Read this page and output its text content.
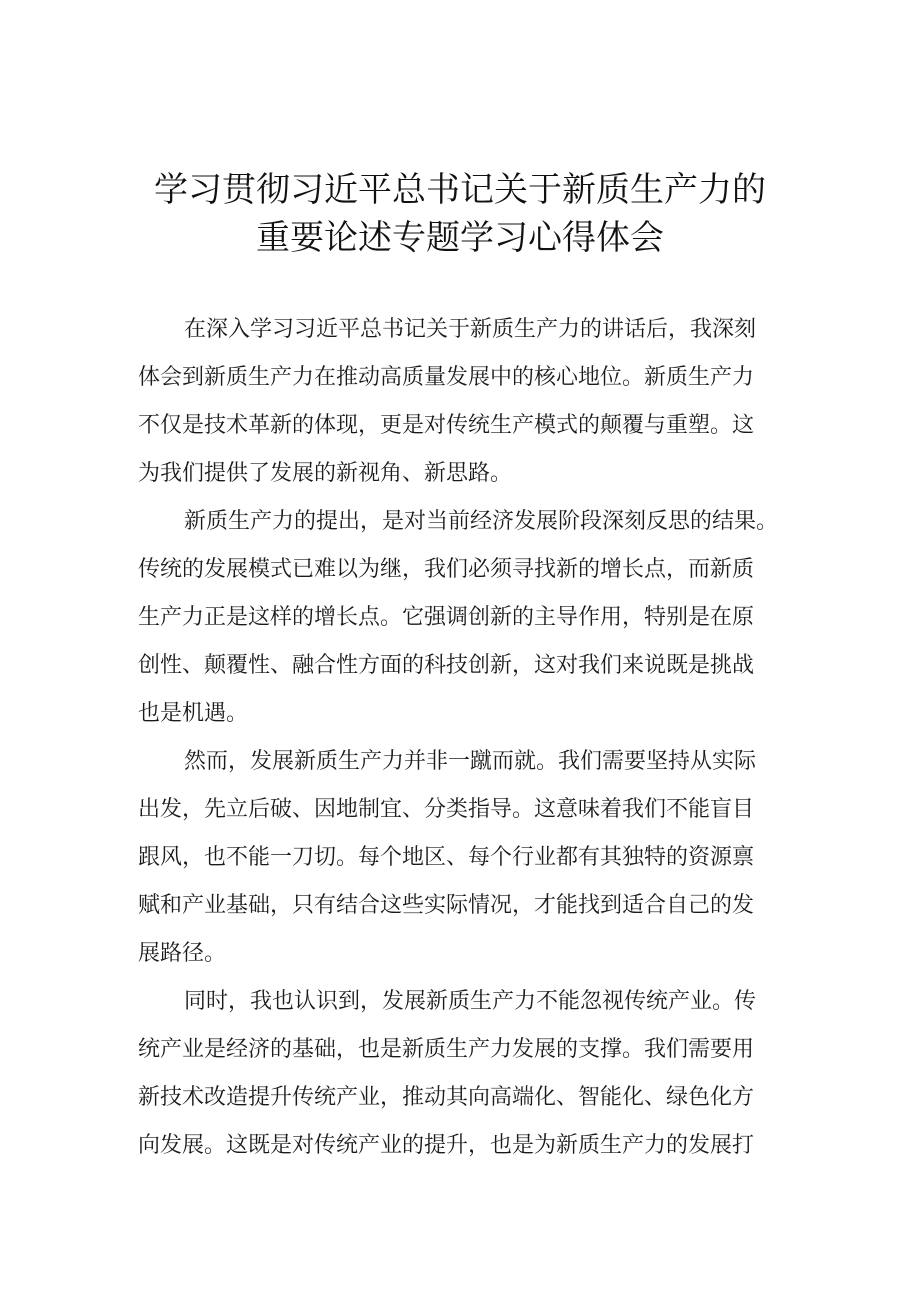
学习贯彻习近平总书记关于新质生产力的
重要论述专题学习心得体会
在深入学习习近平总书记关于新质生产力的讲话后，我深刻
体会到新质生产力在推动高质量发展中的核心地位。新质生产力
不仅是技术革新的体现，更是对传统生产模式的颠覆与重塑。这
为我们提供了发展的新视角、新思路。
新质生产力的提出，是对当前经济发展阶段深刻反思的结果。
传统的发展模式已难以为继，我们必须寻找新的增长点，而新质
生产力正是这样的增长点。它强调创新的主导作用，特别是在原
创性、颠覆性、融合性方面的科技创新，这对我们来说既是挑战
也是机遇。
然而，发展新质生产力并非一蹴而就。我们需要坚持从实际
出发，先立后破、因地制宜、分类指导。这意味着我们不能盲目
跟风，也不能一刀切。每个地区、每个行业都有其独特的资源禀
赋和产业基础，只有结合这些实际情况，才能找到适合自己的发
展路径。
同时，我也认识到，发展新质生产力不能忽视传统产业。传
统产业是经济的基础，也是新质生产力发展的支撑。我们需要用
新技术改造提升传统产业，推动其向高端化、智能化、绿色化方
向发展。这既是对传统产业的提升，也是为新质生产力的发展打
